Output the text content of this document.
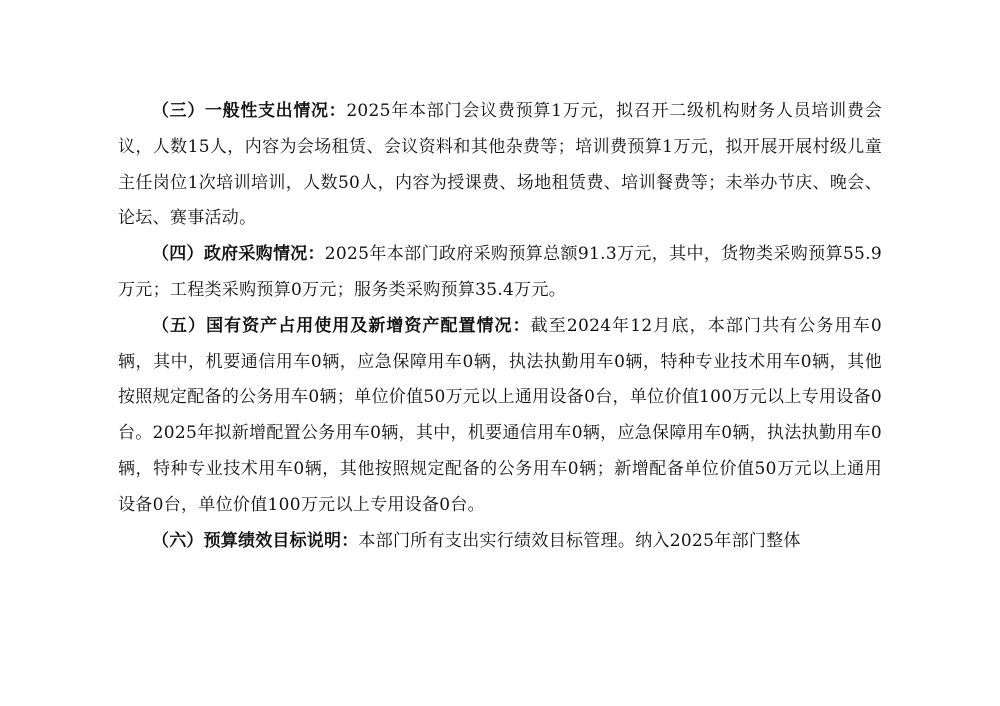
（三）一般性支出情况：2025年本部门会议费预算1万元，拟召开二级机构财务人员培训费会议，人数15人，内容为会场租赁、会议资料和其他杂费等；培训费预算1万元，拟开展开展村级儿童主任岗位1次培训培训，人数50人，内容为授课费、场地租赁费、培训餐费等；未举办节庆、晚会、论坛、赛事活动。

（四）政府采购情况：2025年本部门政府采购预算总额91.3万元，其中，货物类采购预算55.9万元；工程类采购预算0万元；服务类采购预算35.4万元。

（五）国有资产占用使用及新增资产配置情况：截至2024年12月底，本部门共有公务用车0辆，其中，机要通信用车0辆，应急保障用车0辆，执法执勤用车0辆，特种专业技术用车0辆，其他按照规定配备的公务用车0辆；单位价值50万元以上通用设备0台，单位价值100万元以上专用设备0台。2025年拟新增配置公务用车0辆，其中，机要通信用车0辆，应急保障用车0辆，执法执勤用车0辆，特种专业技术用车0辆，其他按照规定配备的公务用车0辆；新增配备单位价值50万元以上通用设备0台，单位价值100万元以上专用设备0台。

（六）预算绩效目标说明：本部门所有支出实行绩效目标管理。纳入2025年部门整体
